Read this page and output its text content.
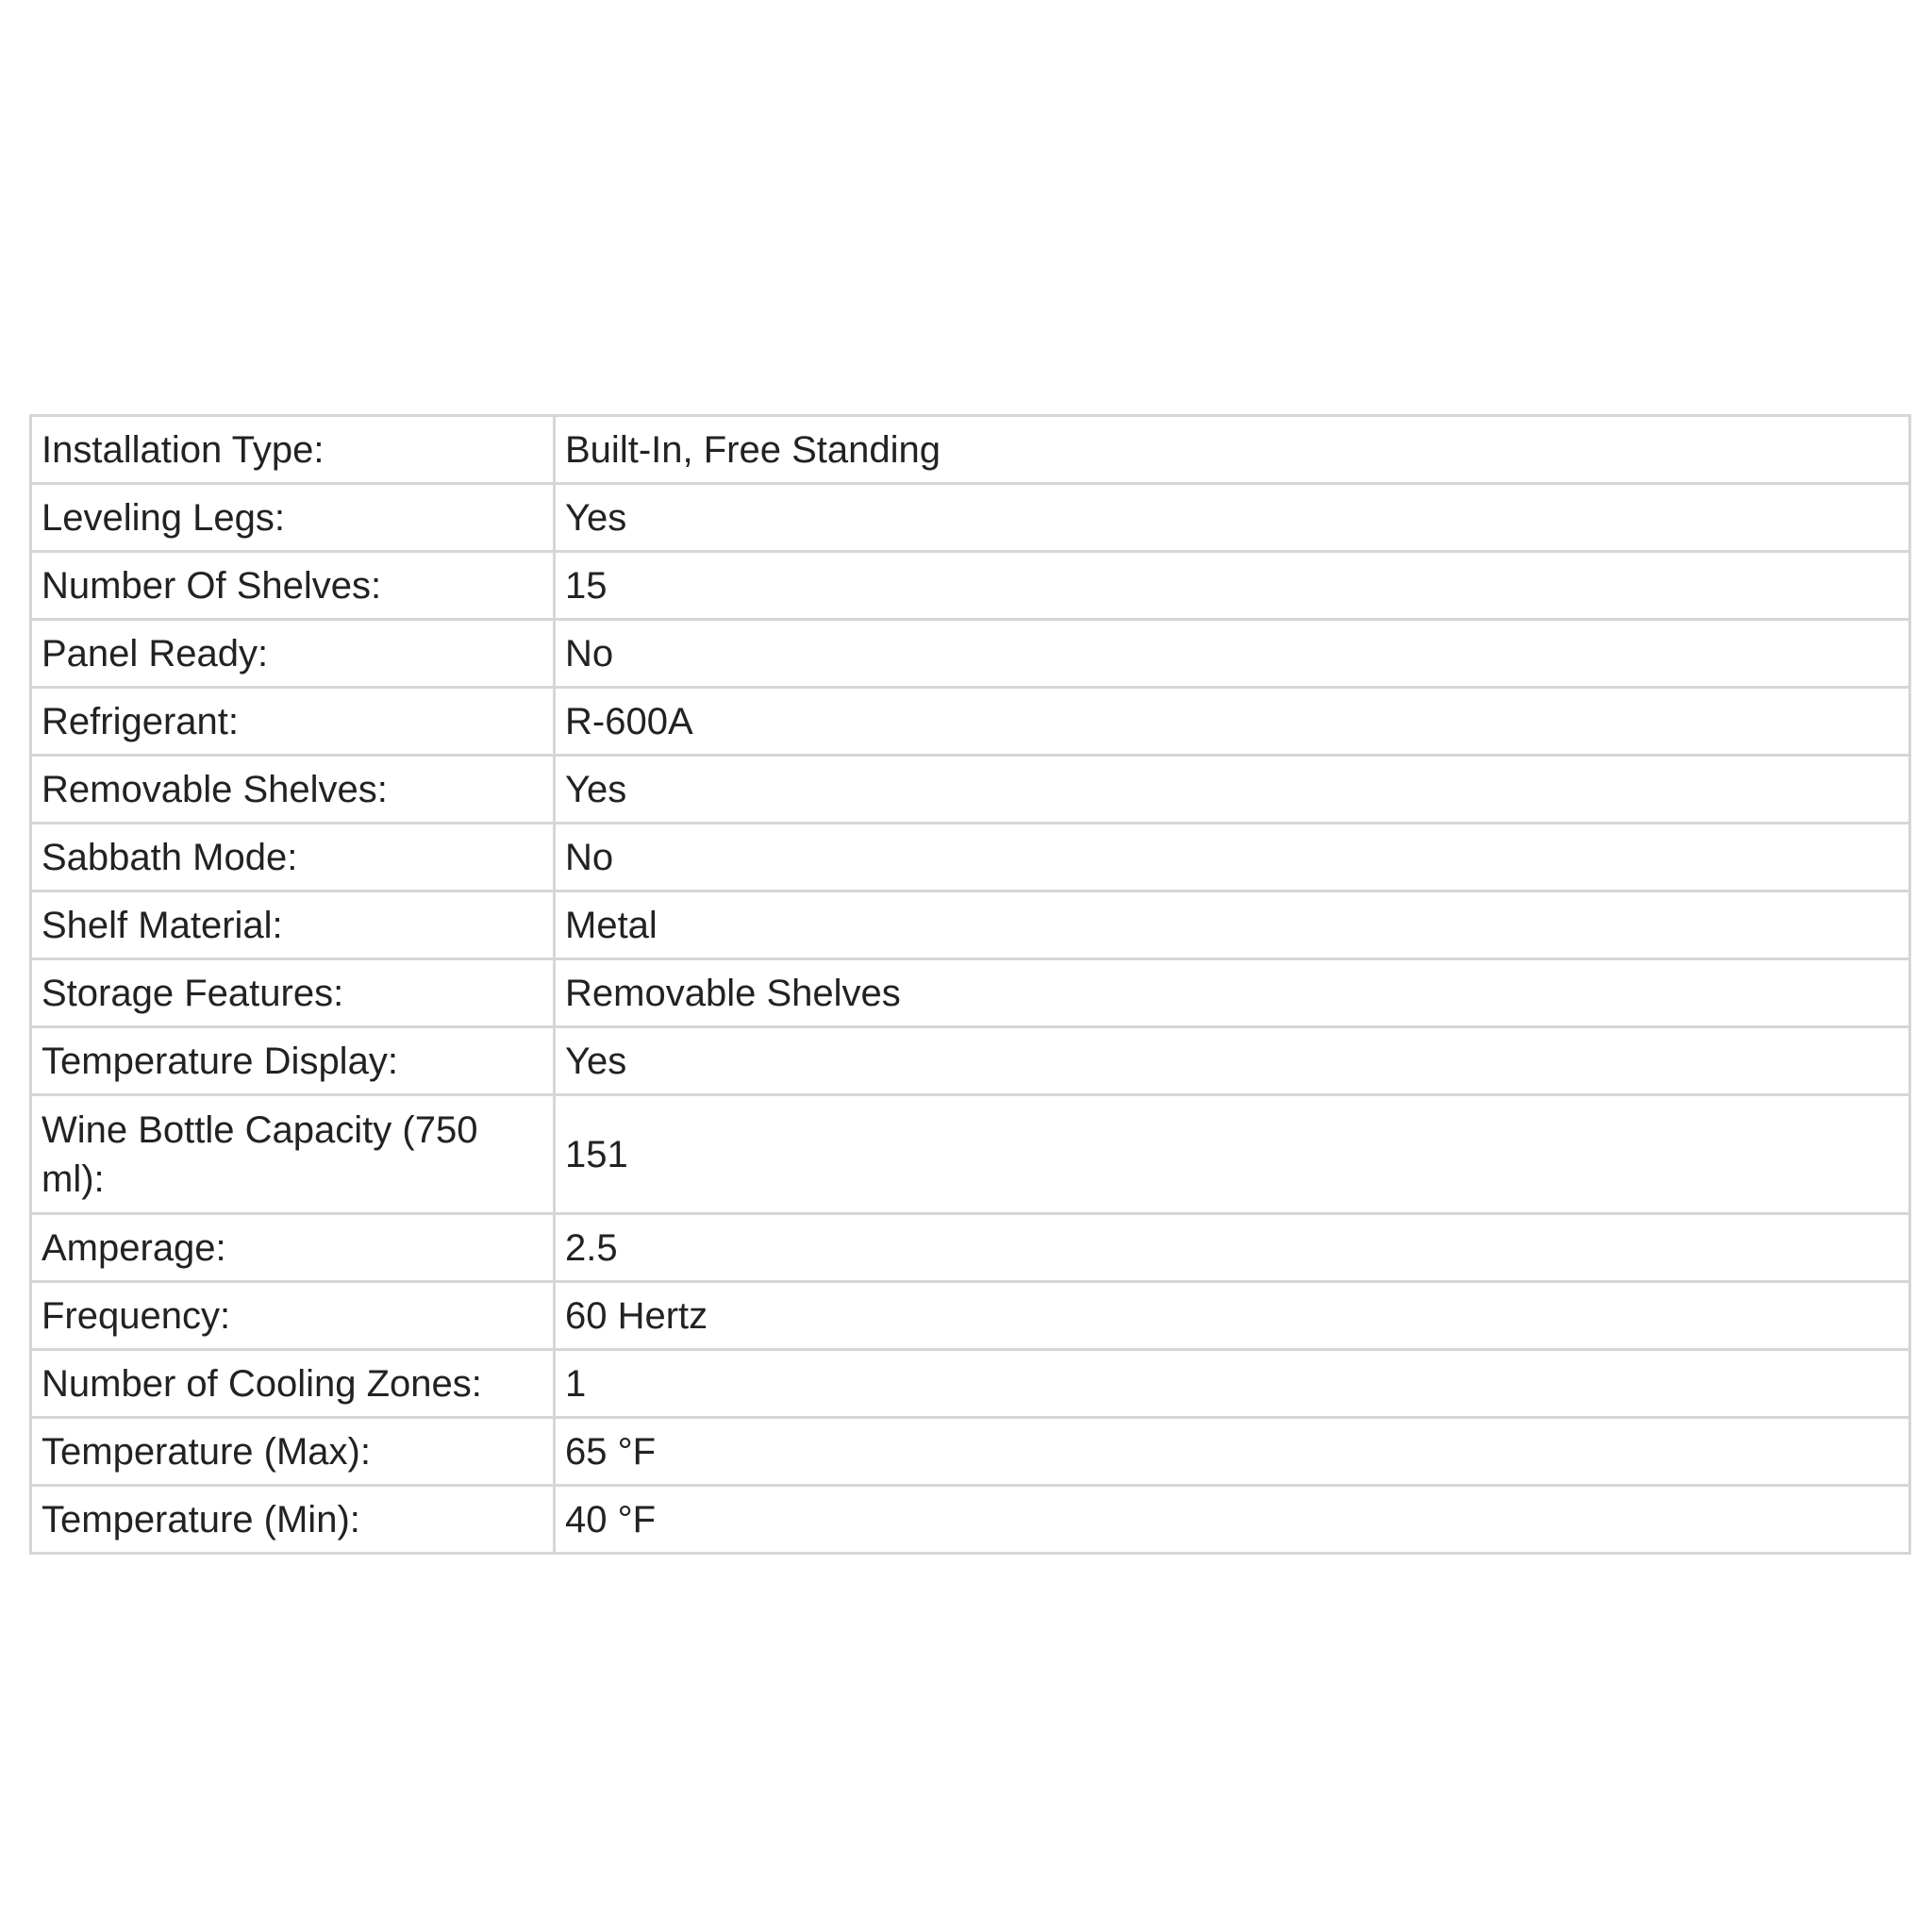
Installation Type:	Built-In, Free Standing
Leveling Legs:	Yes
Number Of Shelves:	15
Panel Ready:	No
Refrigerant:	R-600A
Removable Shelves:	Yes
Sabbath Mode:	No
Shelf Material:	Metal
Storage Features:	Removable Shelves
Temperature Display:	Yes
Wine Bottle Capacity (750 ml):	151
Amperage:	2.5
Frequency:	60 Hertz
Number of Cooling Zones:	1
Temperature (Max):	65 °F
Temperature (Min):	40 °F
